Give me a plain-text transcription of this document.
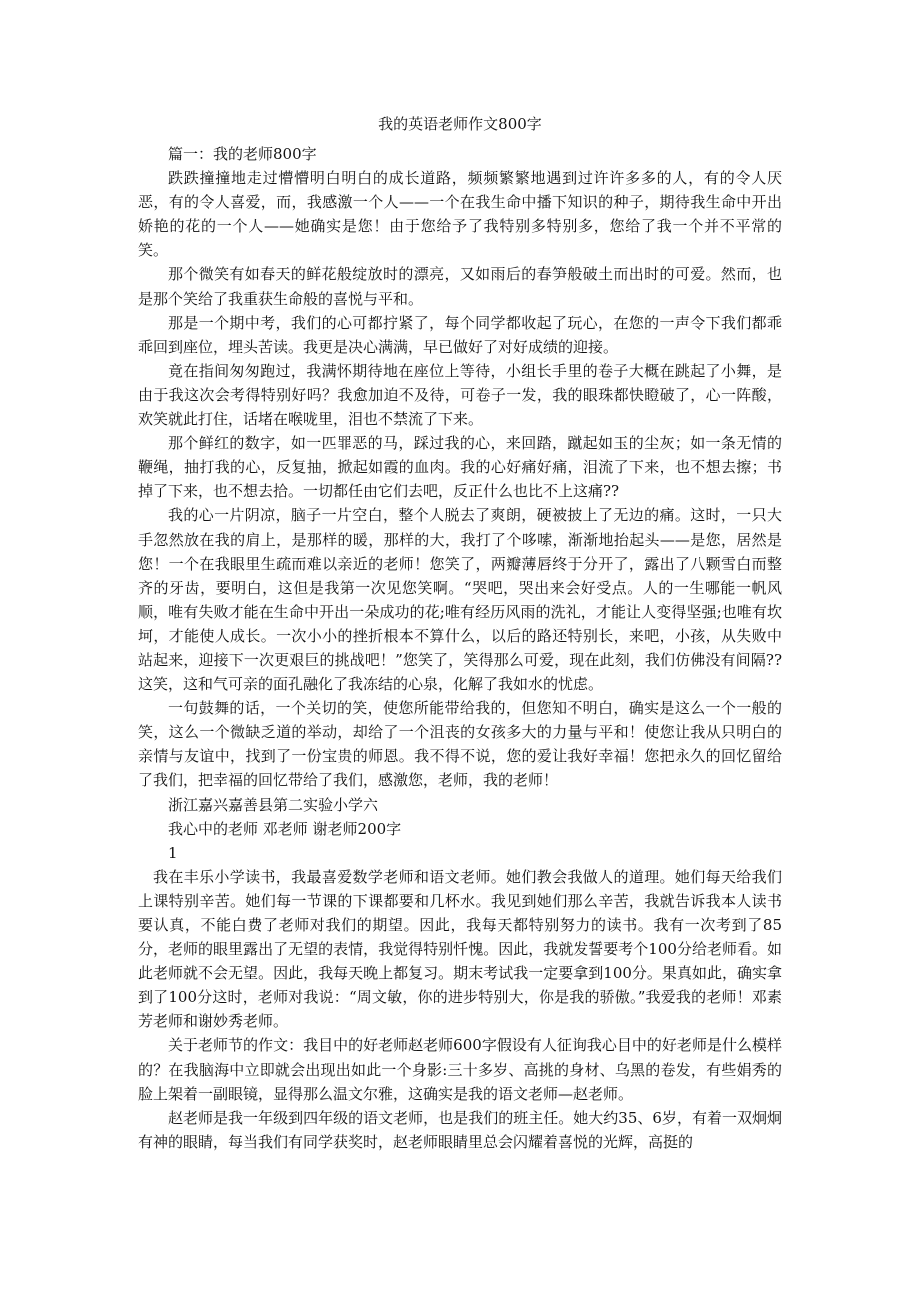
我的英语老师作文800字

篇一：我的老师800字

跌跌撞撞地走过懵懵明白明白的成长道路，频频繁繁地遇到过许许多多的人，有的令人厌恶，有的令人喜爱，而，我感激一个人——一个在我生命中播下知识的种子，期待我生命中开出娇艳的花的一个人——她确实是您！由于您给予了我特别多特别多，您给了我一个并不平常的笑。

那个微笑有如春天的鲜花般绽放时的漂亮，又如雨后的春笋般破土而出时的可爱。然而，也是那个笑给了我重获生命般的喜悦与平和。

那是一个期中考，我们的心可都拧紧了，每个同学都收起了玩心，在您的一声令下我们都乖乖回到座位，埋头苦读。我更是决心满满，早已做好了对好成绩的迎接。

竟在指间匆匆跑过，我满怀期待地在座位上等待，小组长手里的卷子大概在跳起了小舞，是由于我这次会考得特别好吗？我愈加迫不及待，可卷子一发，我的眼珠都快瞪破了，心一阵酸，欢笑就此打住，话堵在喉咙里，泪也不禁流了下来。

那个鲜红的数字，如一匹罪恶的马，踩过我的心，来回踏，蹴起如玉的尘灰；如一条无情的鞭绳，抽打我的心，反复抽，掀起如霞的血肉。我的心好痛好痛，泪流了下来，也不想去擦；书掉了下来，也不想去拾。一切都任由它们去吧，反正什么也比不上这痛??

我的心一片阴凉，脑子一片空白，整个人脱去了爽朗，硬被披上了无边的痛。这时，一只大手忽然放在我的肩上，是那样的暖，那样的大，我打了个哆嗦，渐渐地抬起头——是您，居然是您！一个在我眼里生疏而难以亲近的老师！您笑了，两瓣薄唇终于分开了，露出了八颗雪白而整齐的牙齿，要明白，这但是我第一次见您笑啊。“哭吧，哭出来会好受点。人的一生哪能一帆风顺，唯有失败才能在生命中开出一朵成功的花;唯有经历风雨的洗礼，才能让人变得坚强;也唯有坎坷，才能使人成长。一次小小的挫折根本不算什么，以后的路还特别长，来吧，小孩，从失败中站起来，迎接下一次更艰巨的挑战吧！”您笑了，笑得那么可爱，现在此刻，我们仿佛没有间隔??这笑，这和气可亲的面孔融化了我冻结的心泉，化解了我如水的忧虑。

一句鼓舞的话，一个关切的笑，使您所能带给我的，但您知不明白，确实是这么一个一般的笑，这么一个微缺乏道的举动，却给了一个沮丧的女孩多大的力量与平和！使您让我从只明白的亲情与友谊中，找到了一份宝贵的师恩。我不得不说，您的爱让我好幸福！您把永久的回忆留给了我们，把幸福的回忆带给了我们，感激您，老师，我的老师！

浙江嘉兴嘉善县第二实验小学六

我心中的老师 邓老师 谢老师200字

1

我在丰乐小学读书，我最喜爱数学老师和语文老师。她们教会我做人的道理。她们每天给我们上课特别辛苦。她们每一节课的下课都要和几杯水。我见到她们那么辛苦，我就告诉我本人读书要认真，不能白费了老师对我们的期望。因此，我每天都特别努力的读书。我有一次考到了85分，老师的眼里露出了无望的表情，我觉得特别忏愧。因此，我就发誓要考个100分给老师看。如此老师就不会无望。因此，我每天晚上都复习。期末考试我一定要拿到100分。果真如此，确实拿到了100分这时，老师对我说：“周文敏，你的进步特别大，你是我的骄傲。”我爱我的老师！邓素芳老师和谢妙秀老师。

关于老师节的作文：我目中的好老师赵老师600字假设有人征询我心目中的好老师是什么模样的？在我脑海中立即就会出现出如此一个身影:三十多岁、高挑的身材、乌黑的卷发，有些娟秀的脸上架着一副眼镜，显得那么温文尔雅，这确实是我的语文老师—赵老师。

赵老师是我一年级到四年级的语文老师，也是我们的班主任。她大约35、6岁，有着一双炯炯有神的眼睛，每当我们有同学获奖时，赵老师眼睛里总会闪耀着喜悦的光辉，高挺的
